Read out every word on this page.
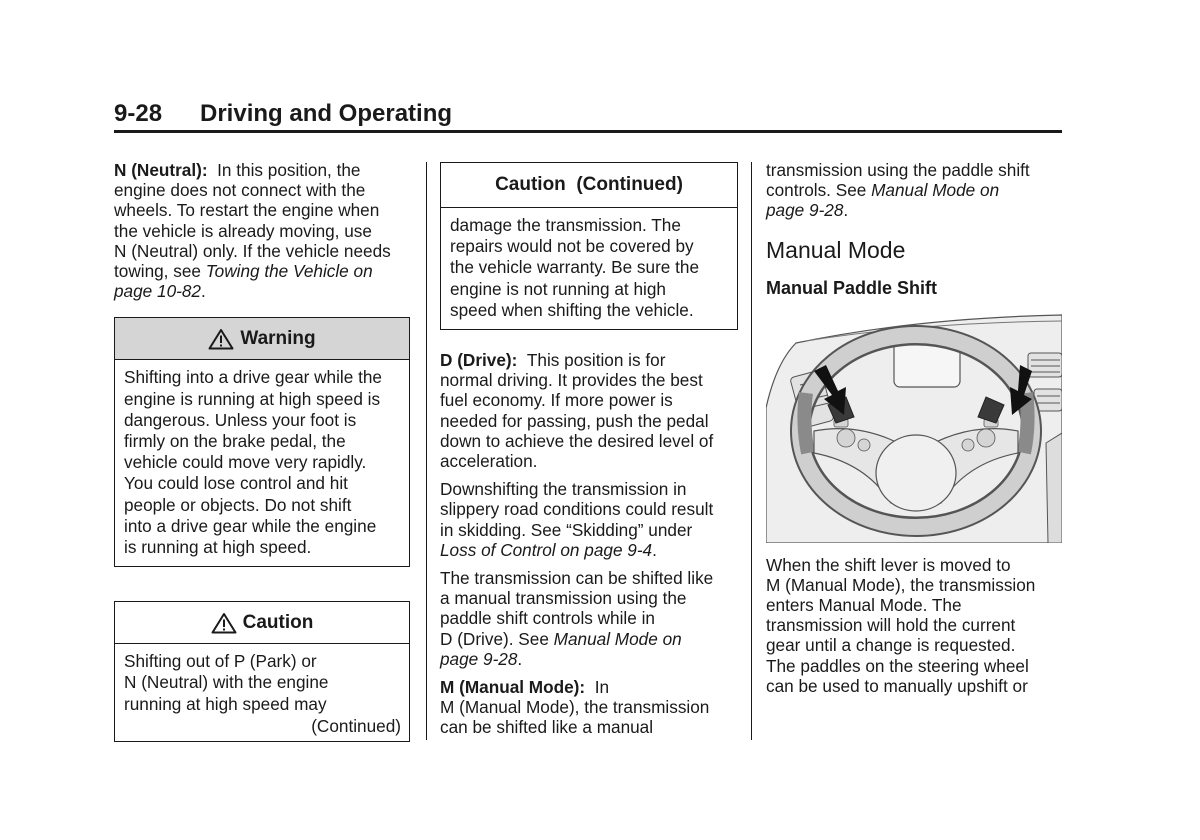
9-28 Driving and Operating

N (Neutral): In this position, the
engine does not connect with the
wheels. To restart the engine when
the vehicle is already moving, use
N (Neutral) only. If the vehicle needs
towing, see Towing the Vehicle on
page 10-82.

Warning
Shifting into a drive gear while the
engine is running at high speed is
dangerous. Unless your foot is
firmly on the brake pedal, the
vehicle could move very rapidly.
You could lose control and hit
people or objects. Do not shift
into a drive gear while the engine
is running at high speed.
Caution
Shifting out of P (Park) or
N (Neutral) with the engine
running at high speed may
(Continued)
Caution  (Continued)
damage the transmission. The
repairs would not be covered by
the vehicle warranty. Be sure the
engine is not running at high
speed when shifting the vehicle.

D (Drive): This position is for
normal driving. It provides the best
fuel economy. If more power is
needed for passing, push the pedal
down to achieve the desired level of
acceleration.

Downshifting the transmission in
slippery road conditions could result
in skidding. See “Skidding” under
Loss of Control on page 9-4.

The transmission can be shifted like
a manual transmission using the
paddle shift controls while in
D (Drive). See Manual Mode on
page 9-28.

M (Manual Mode): In
M (Manual Mode), the transmission
can be shifted like a manual

transmission using the paddle shift
controls. See Manual Mode on
page 9-28.

Manual Mode
Manual Paddle Shift

When the shift lever is moved to
M (Manual Mode), the transmission
enters Manual Mode. The
transmission will hold the current
gear until a change is requested.
The paddles on the steering wheel
can be used to manually upshift or
